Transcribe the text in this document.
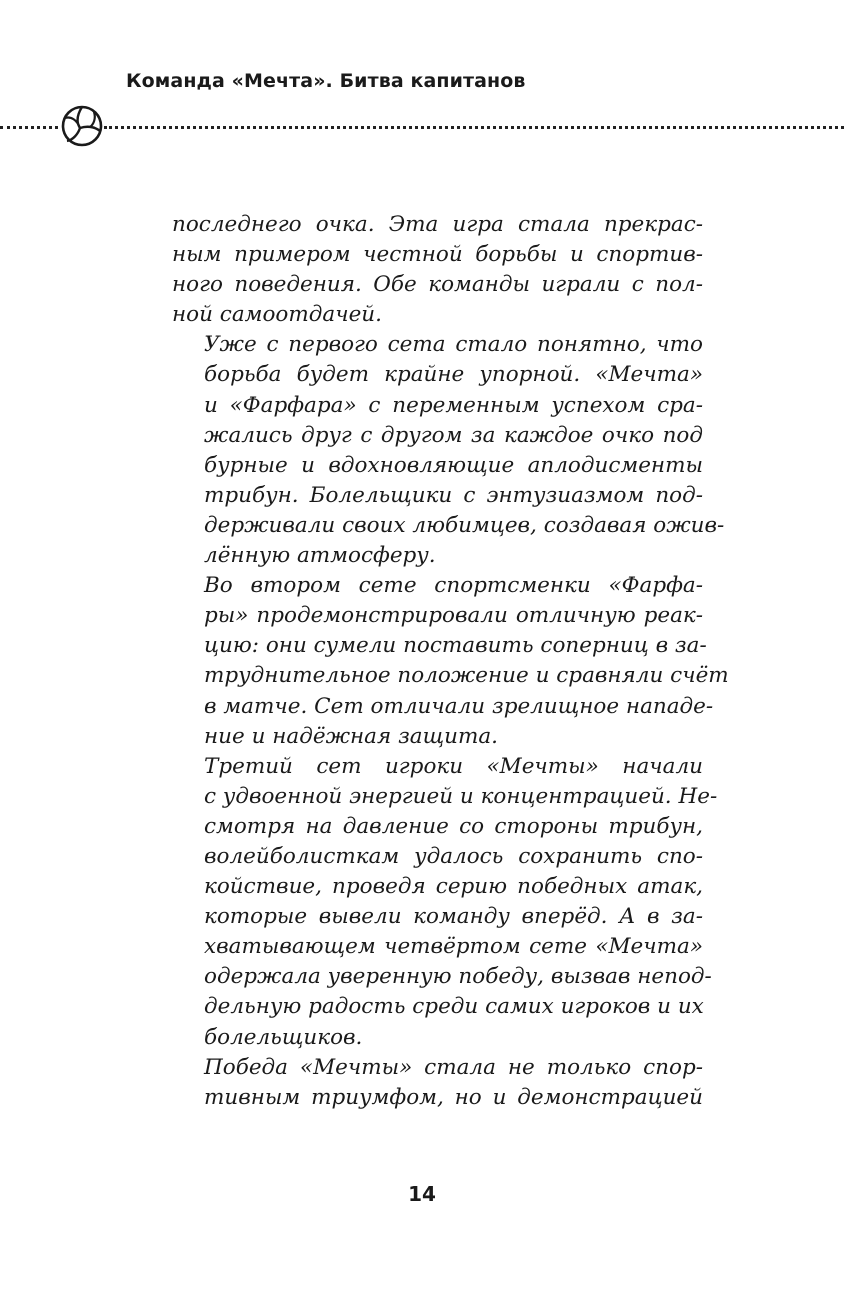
Команда «Мечта». Битва капитанов

последнего очка. Эта игра стала прекрас-
ным примером честной борьбы и спортив-
ного поведения. Обе команды играли с пол-
ной самоотдачей.

Уже с первого сета стало понятно, что
борьба будет крайне упорной. «Мечта»
и «Фарфара» с переменным успехом сра-
жались друг с другом за каждое очко под
бурные и вдохновляющие аплодисменты
трибун. Болельщики с энтузиазмом под-
держивали своих любимцев, создавая ожив-
лённую атмосферу.

Во втором сете спортсменки «Фарфа-
ры» продемонстрировали отличную реак-
цию: они сумели поставить соперниц в за-
труднительное положение и сравняли счёт
в матче. Сет отличали зрелищное нападе-
ние и надёжная защита.

Третий сет игроки «Мечты» начали
с удвоенной энергией и концентрацией. Не-
смотря на давление со стороны трибун,
волейболисткам удалось сохранить спо-
койствие, проведя серию победных атак,
которые вывели команду вперёд. А в за-
хватывающем четвёртом сете «Мечта»
одержала уверенную победу, вызвав непод-
дельную радость среди самих игроков и их
болельщиков.

Победа «Мечты» стала не только спор-
тивным триумфом, но и демонстрацией

14
